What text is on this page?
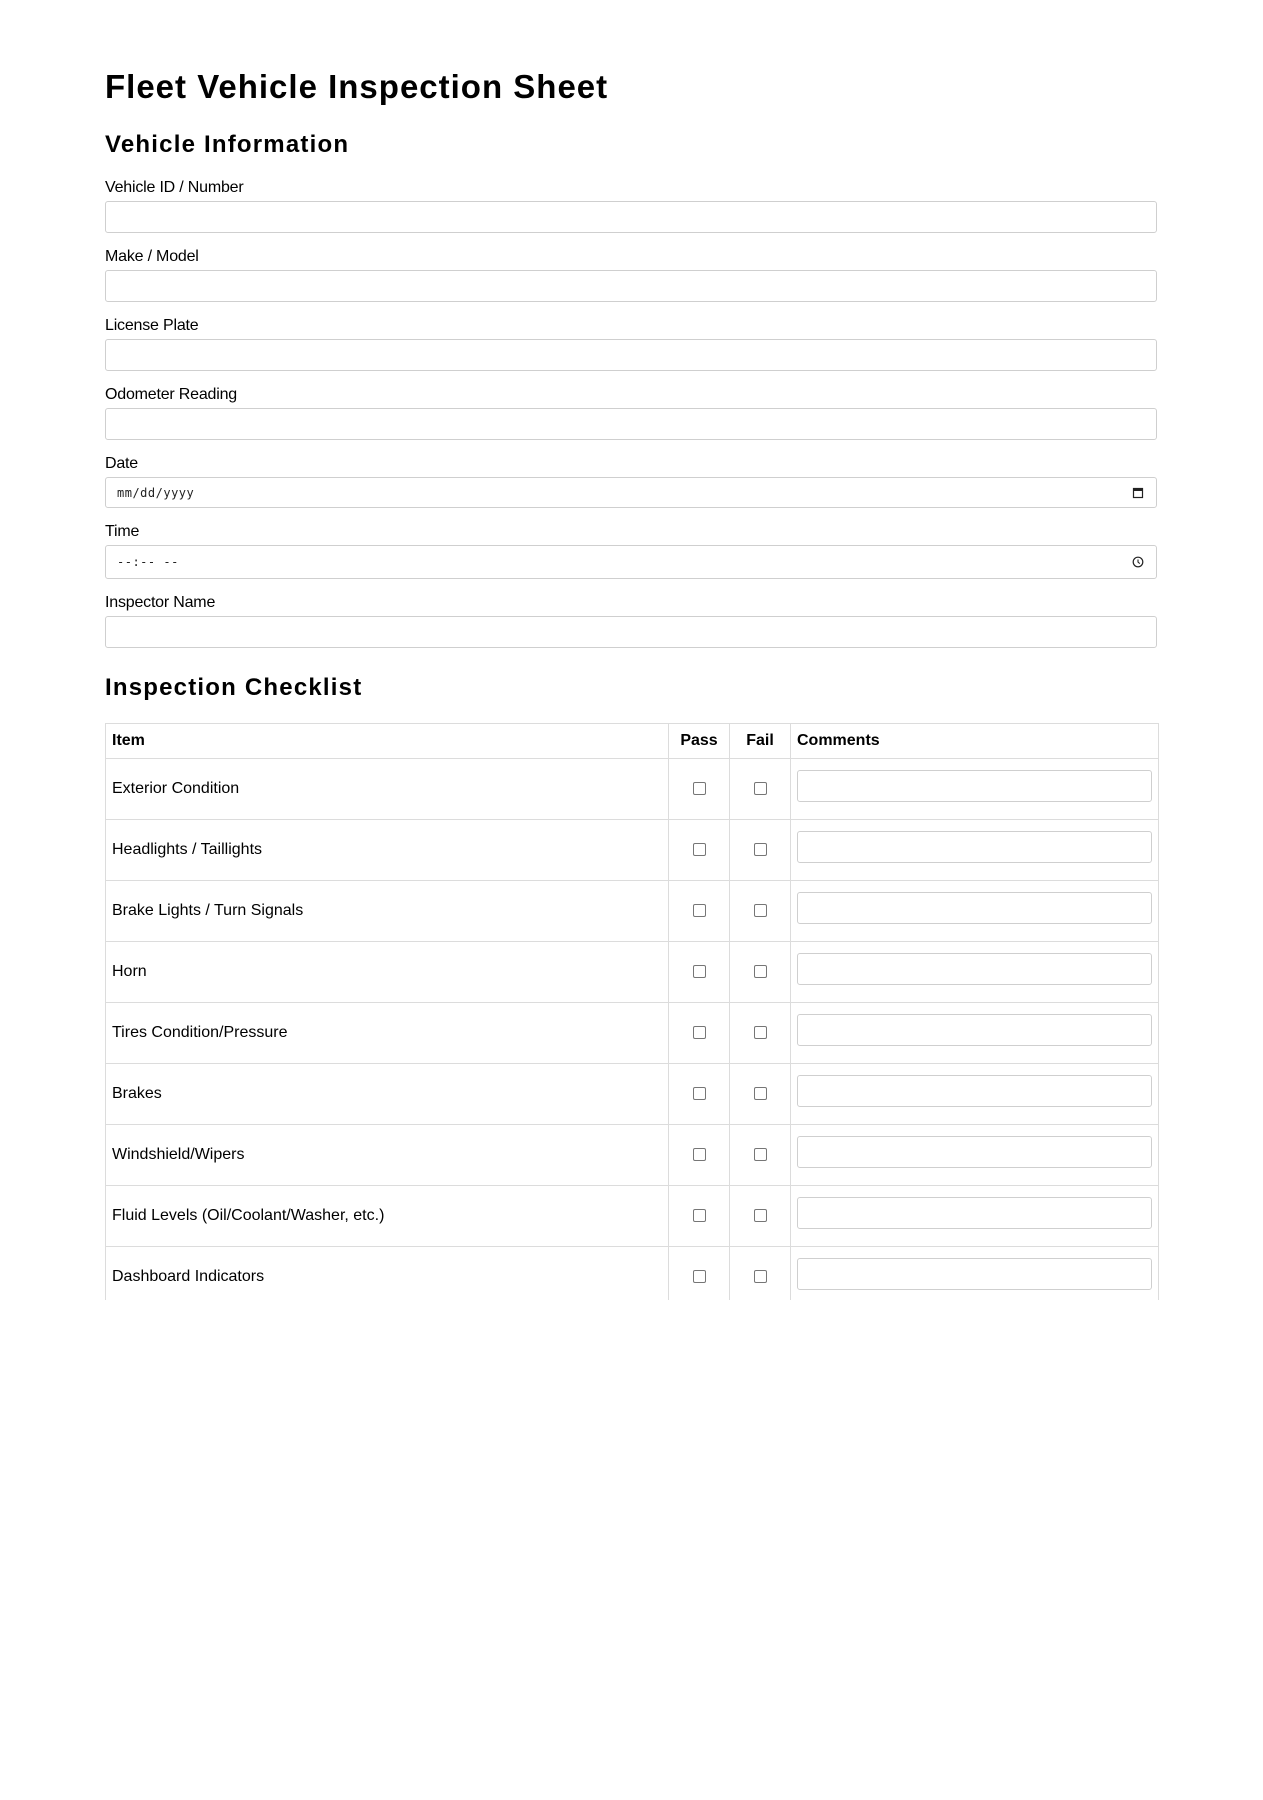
Fleet Vehicle Inspection Sheet
Vehicle Information
Vehicle ID / Number
Make / Model
License Plate
Odometer Reading
Date
mm/dd/yyyy
Time
--:-- --
Inspector Name
Inspection Checklist
Item	Pass	Fail	Comments
Exterior Condition			

Headlights / Taillights			

Brake Lights / Turn Signals			

Horn			

Tires Condition/Pressure			

Brakes			

Windshield/Wipers			

Fluid Levels (Oil/Coolant/Washer, etc.)			

Dashboard Indicators			
